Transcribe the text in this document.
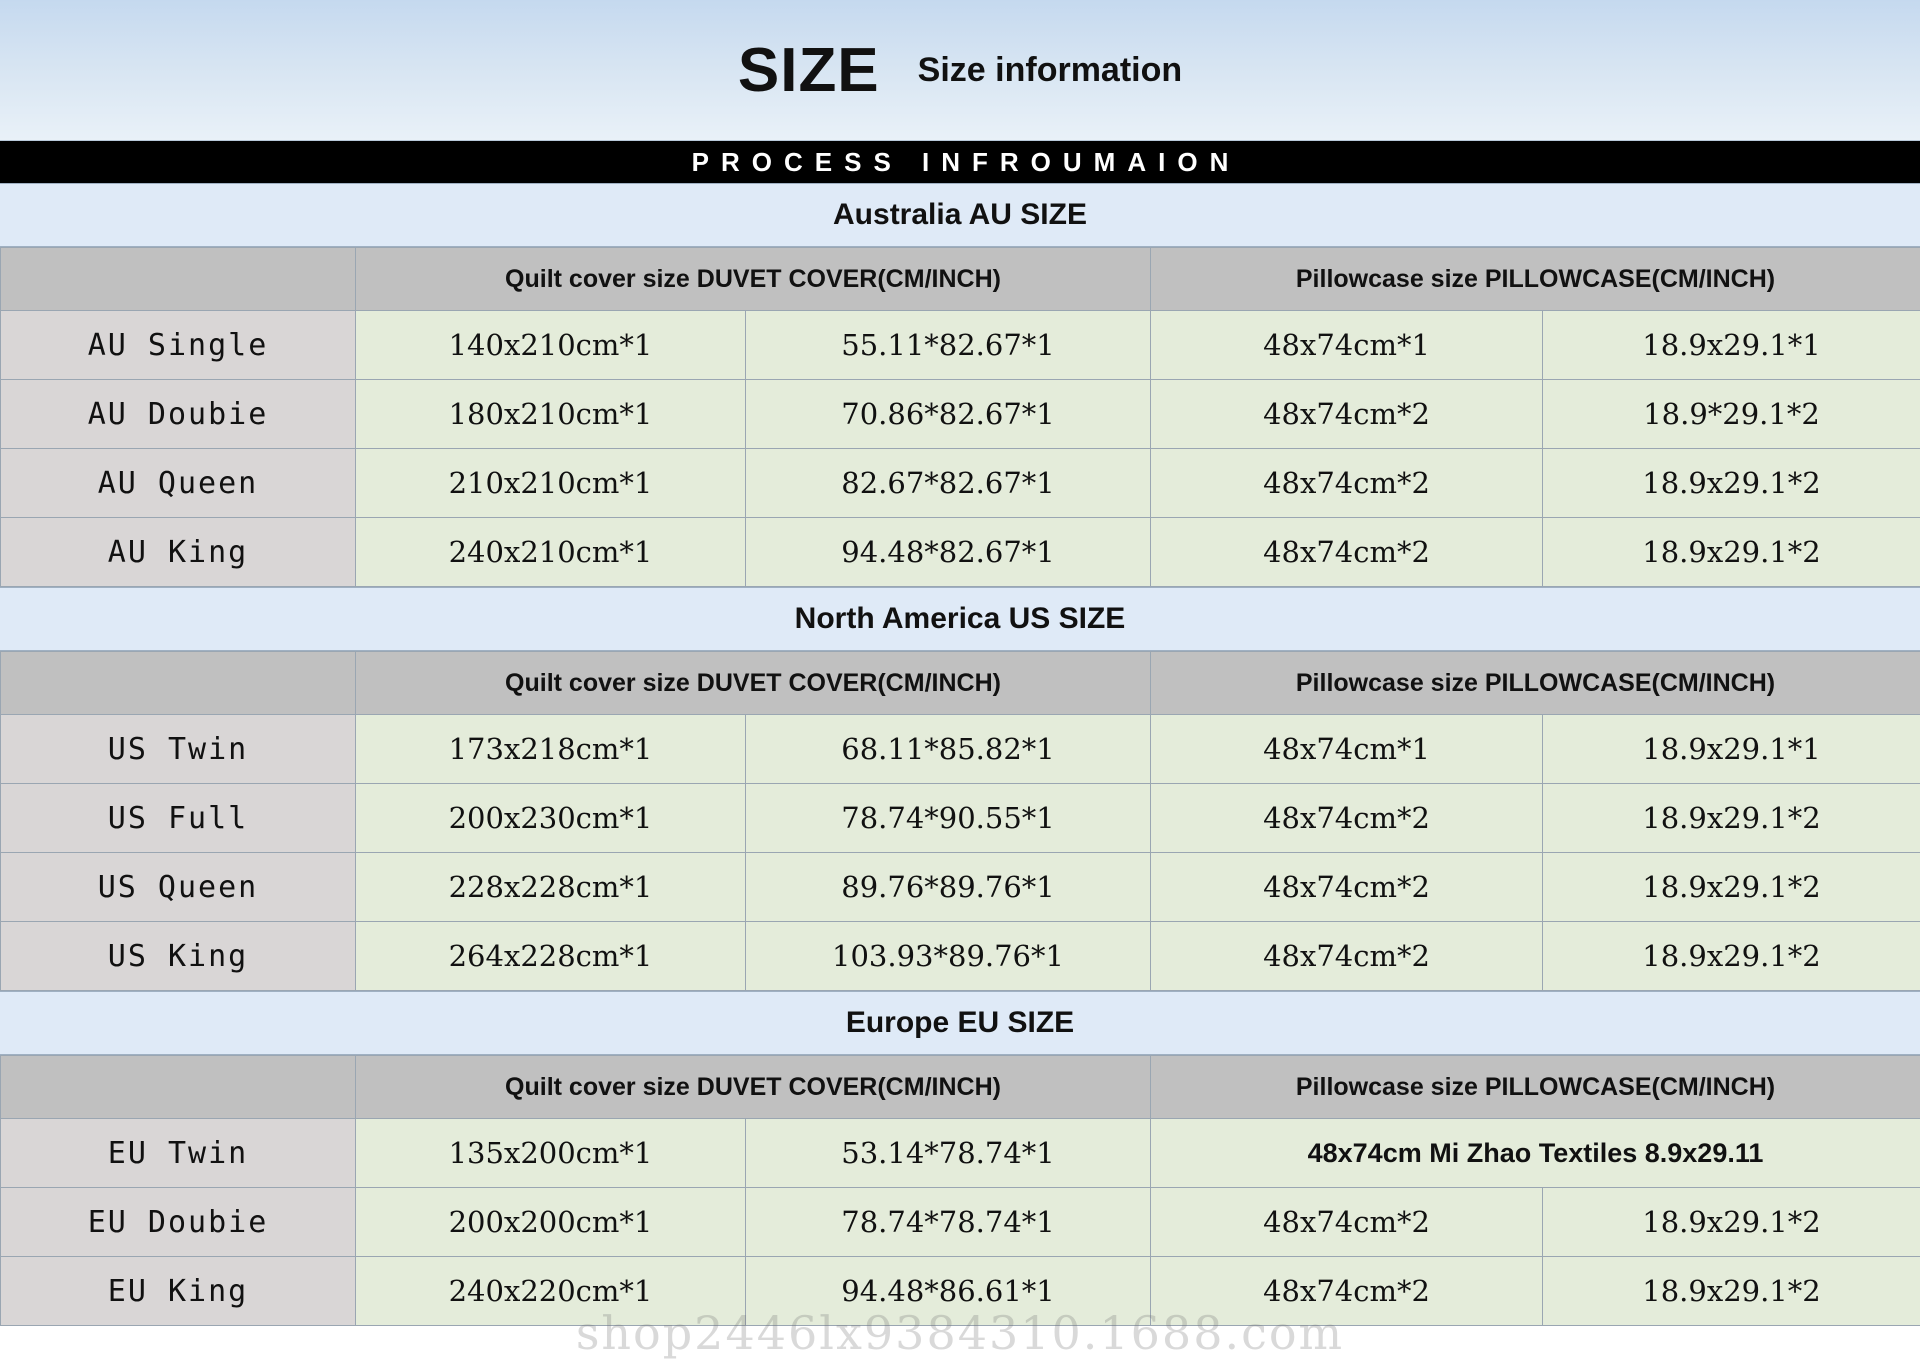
SIZE Size information
PROCESS INFROUMAION
Australia AU SIZE
	Quilt cover size DUVET COVER(CM/INCH)		Pillowcase size PILLOWCASE(CM/INCH)	
AU Single	140x210cm*1	55.11*82.67*1	48x74cm*1	18.9x29.1*1
AU Doubie	180x210cm*1	70.86*82.67*1	48x74cm*2	18.9*29.1*2
AU Queen	210x210cm*1	82.67*82.67*1	48x74cm*2	18.9x29.1*2
AU King	240x210cm*1	94.48*82.67*1	48x74cm*2	18.9x29.1*2
North America US SIZE
	Quilt cover size DUVET COVER(CM/INCH)		Pillowcase size PILLOWCASE(CM/INCH)	
US Twin	173x218cm*1	68.11*85.82*1	48x74cm*1	18.9x29.1*1
US Full	200x230cm*1	78.74*90.55*1	48x74cm*2	18.9x29.1*2
US Queen	228x228cm*1	89.76*89.76*1	48x74cm*2	18.9x29.1*2
US King	264x228cm*1	103.93*89.76*1	48x74cm*2	18.9x29.1*2
Europe EU SIZE
	Quilt cover size DUVET COVER(CM/INCH)		Pillowcase size PILLOWCASE(CM/INCH)	
EU Twin	135x200cm*1	53.14*78.74*1	48x74cm Mi Zhao Textiles 8.9x29.11	
EU Doubie	200x200cm*1	78.74*78.74*1	48x74cm*2	18.9x29.1*2
EU King	240x220cm*1	94.48*86.61*1	48x74cm*2	18.9x29.1*2
shop2446lx9384310.1688.com
